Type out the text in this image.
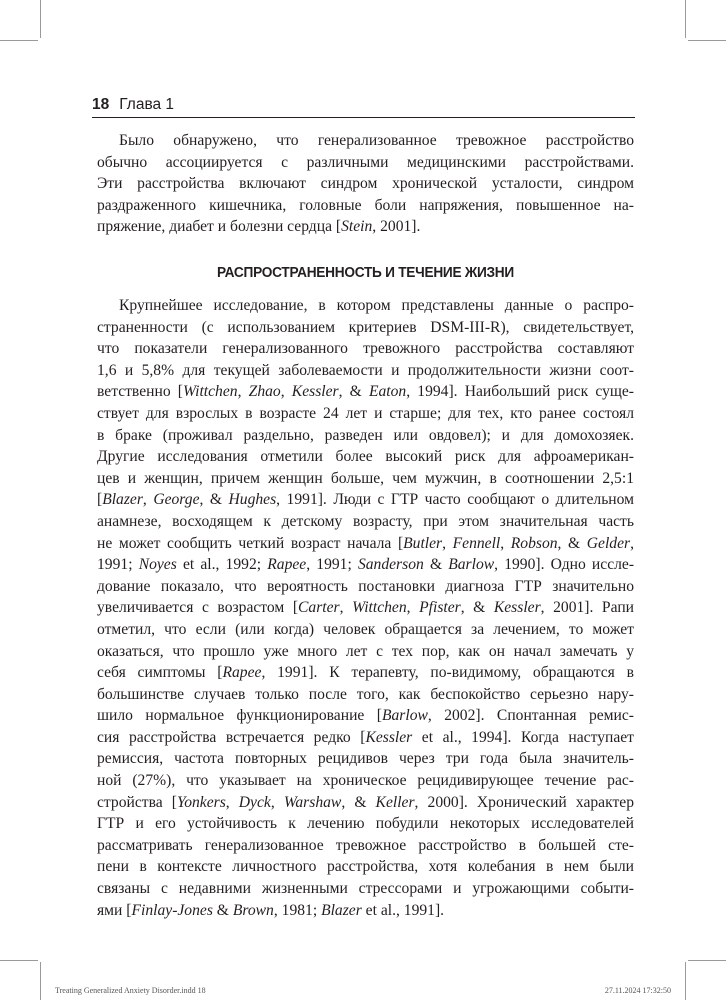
18 Глава 1
Было обнаружено, что генерализованное тревожное расстройство
обычно ассоциируется с различными медицинскими расстройствами.
Эти расстройства включают синдром хронической усталости, синдром
раздраженного кишечника, головные боли напряжения, повышенное на-
пряжение, диабет и болезни сердца [Stein, 2001].
РАСПРОСТРАНЕННОСТЬ И ТЕЧЕНИЕ ЖИЗНИ
Крупнейшее исследование, в котором представлены данные о распро-
страненности (с использованием критериев DSM-III-R), свидетельствует,
что показатели генерализованного тревожного расстройства составляют
1,6 и 5,8% для текущей заболеваемости и продолжительности жизни соот-
ветственно [Wittchen, Zhao, Kessler, & Eaton, 1994]. Наибольший риск суще-
ствует для взрослых в возрасте 24 лет и старше; для тех, кто ранее состоял
в браке (проживал раздельно, разведен или овдовел); и для домохозяек.
Другие исследования отметили более высокий риск для афроамерикан-
цев и женщин, причем женщин больше, чем мужчин, в соотношении 2,5:1
[Blazer, George, & Hughes, 1991]. Люди с ГТР часто сообщают о длительном
анамнезе, восходящем к детскому возрасту, при этом значительная часть
не может сообщить четкий возраст начала [Butler, Fennell, Robson, & Gelder,
1991; Noyes et al., 1992; Rapee, 1991; Sanderson & Barlow, 1990]. Одно иссле-
дование показало, что вероятность постановки диагноза ГТР значительно
увеличивается с возрастом [Carter, Wittchen, Pfister, & Kessler, 2001]. Рапи
отметил, что если (или когда) человек обращается за лечением, то может
оказаться, что прошло уже много лет с тех пор, как он начал замечать у
себя симптомы [Rapee, 1991]. К терапевту, по-видимому, обращаются в
большинстве случаев только после того, как беспокойство серьезно нару-
шило нормальное функционирование [Barlow, 2002]. Спонтанная ремис-
сия расстройства встречается редко [Kessler et al., 1994]. Когда наступает
ремиссия, частота повторных рецидивов через три года была значитель-
ной (27%), что указывает на хроническое рецидивирующее течение рас-
стройства [Yonkers, Dyck, Warshaw, & Keller, 2000]. Хронический характер
ГТР и его устойчивость к лечению побудили некоторых исследователей
рассматривать генерализованное тревожное расстройство в большей сте-
пени в контексте личностного расстройства, хотя колебания в нем были
связаны с недавними жизненными стрессорами и угрожающими событи-
ями [Finlay-Jones & Brown, 1981; Blazer et al., 1991].
Treating Generalized Anxiety Disorder.indd 18	27.11.2024 17:32:50
